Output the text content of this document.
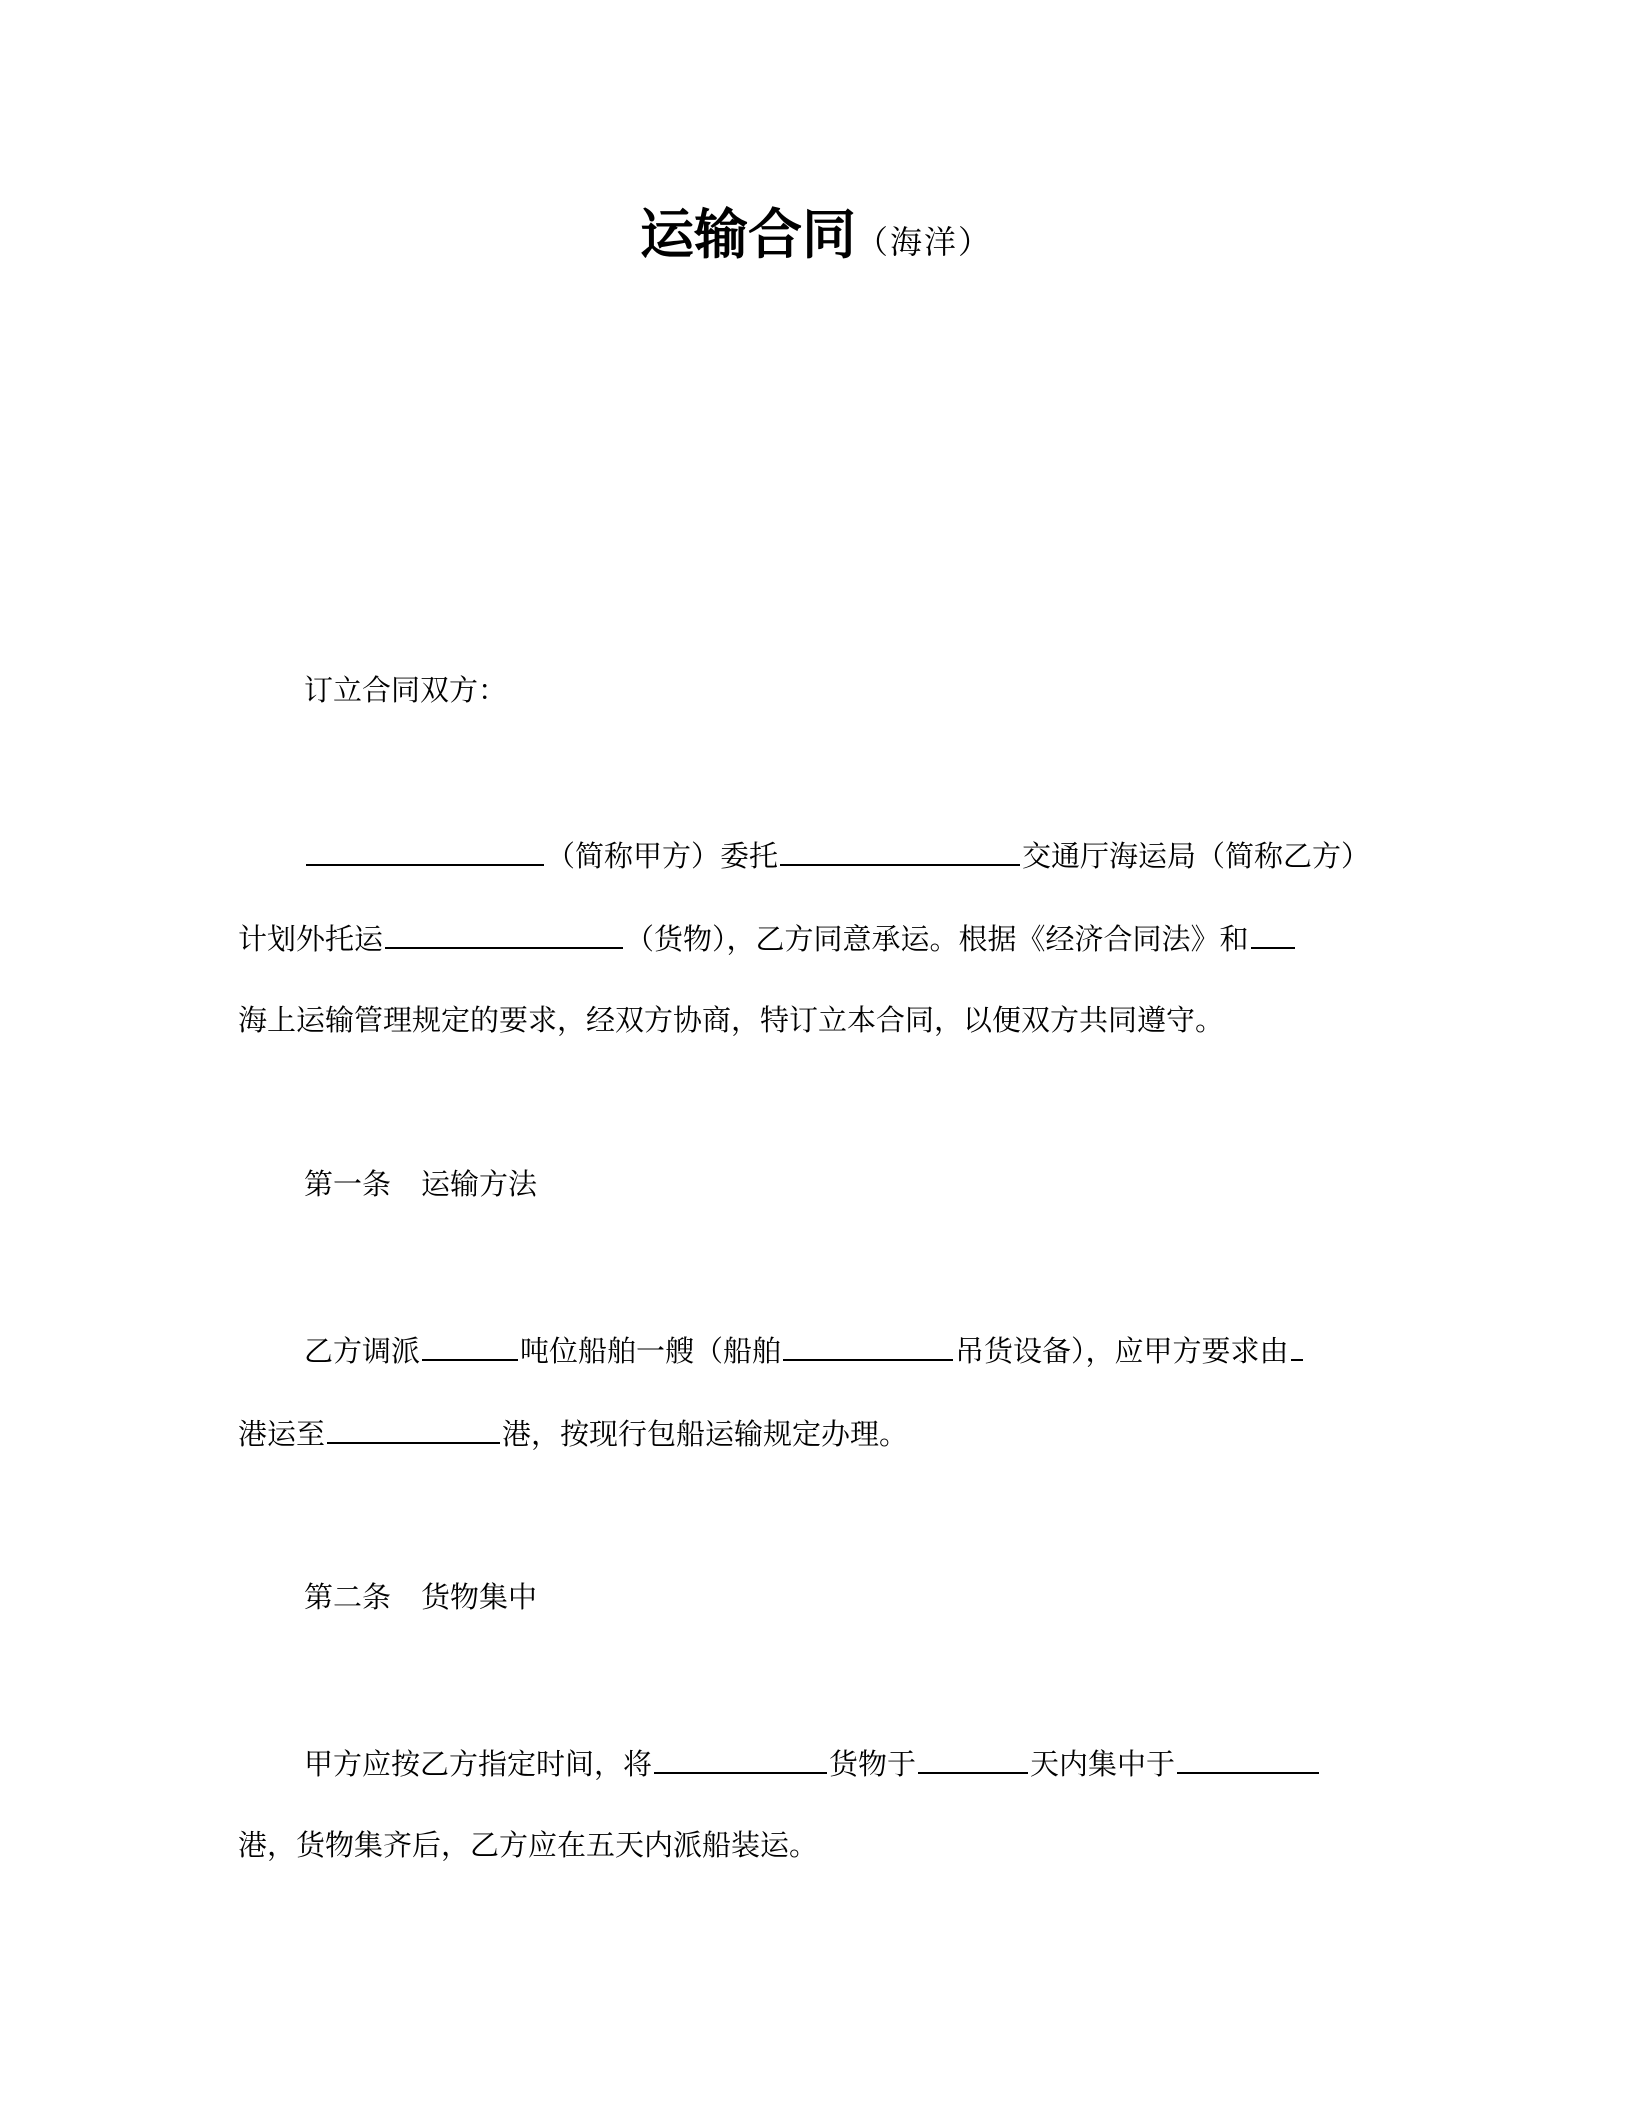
运输合同（海洋）
订立合同双方：
（简称甲方）委托	交通厅海运局（简称乙方）
计划外托运	（货物），乙方同意承运。根据《经济合同法》和
海上运输管理规定的要求，经双方协商，特订立本合同，以便双方共同遵守。
第一条 运输方法
乙方调派	吨位船舶一艘（船舶	吊货设备），应甲方要求由
港运至	港，按现行包船运输规定办理。
第二条 货物集中
甲方应按乙方指定时间，将	货物于	天内集中于
港，货物集齐后，乙方应在五天内派船装运。
